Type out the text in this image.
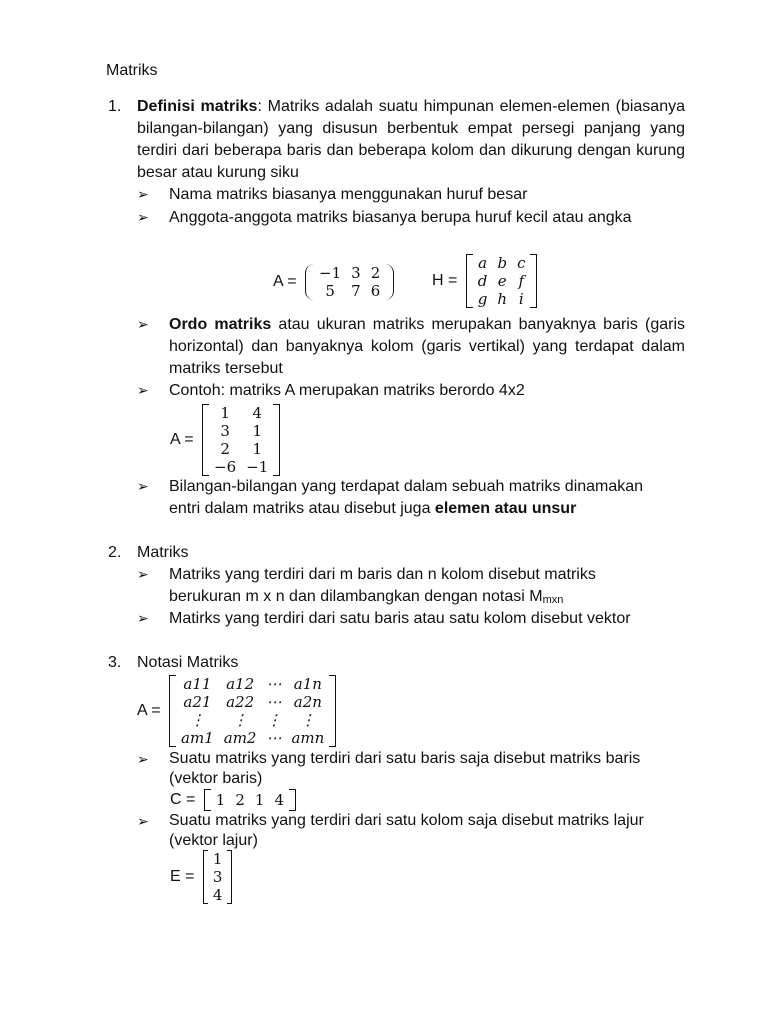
Matriks
1. Definisi matriks: Matriks adalah suatu himpunan elemen-elemen (biasanya bilangan-bilangan) yang disusun berbentuk empat persegi panjang yang terdiri dari beberapa baris dan beberapa kolom dan dikurung dengan kurung besar atau kurung siku
➢ Nama matriks biasanya menggunakan huruf besar
➢ Anggota-anggota matriks biasanya berupa huruf kecil atau angka
A = −1	3	2
5	7	6
H =
a	b	c
d	e	f
g	h	i
➢ Ordo matriks atau ukuran matriks merupakan banyaknya baris (garis horizontal) dan banyaknya kolom (garis vertikal) yang terdapat dalam matriks tersebut
➢ Contoh: matriks A merupakan matriks berordo 4x2
A =
1	4
3	1
2	1
−6	−1
➢ Bilangan-bilangan yang terdapat dalam sebuah matriks dinamakan entri dalam matriks atau disebut juga elemen atau unsur
2. Matriks
➢ Matriks yang terdiri dari m baris dan n kolom disebut matriks berukuran m x n dan dilambangkan dengan notasi $M_{mxn}$
➢ Matirks yang terdiri dari satu baris atau satu kolom disebut vektor
3. Notasi Matriks
A =
a11	a12	⋯	a1n
a21	a22	⋯	a2n
⋮	⋮	⋮	⋮
am1	am2	⋯	amn
➢ Suatu matriks yang terdiri dari satu baris saja disebut matriks baris (vektor baris)
C = 1	2	1	4
➢ Suatu matriks yang terdiri dari satu kolom saja disebut matriks lajur (vektor lajur)
E =
1
3
4
